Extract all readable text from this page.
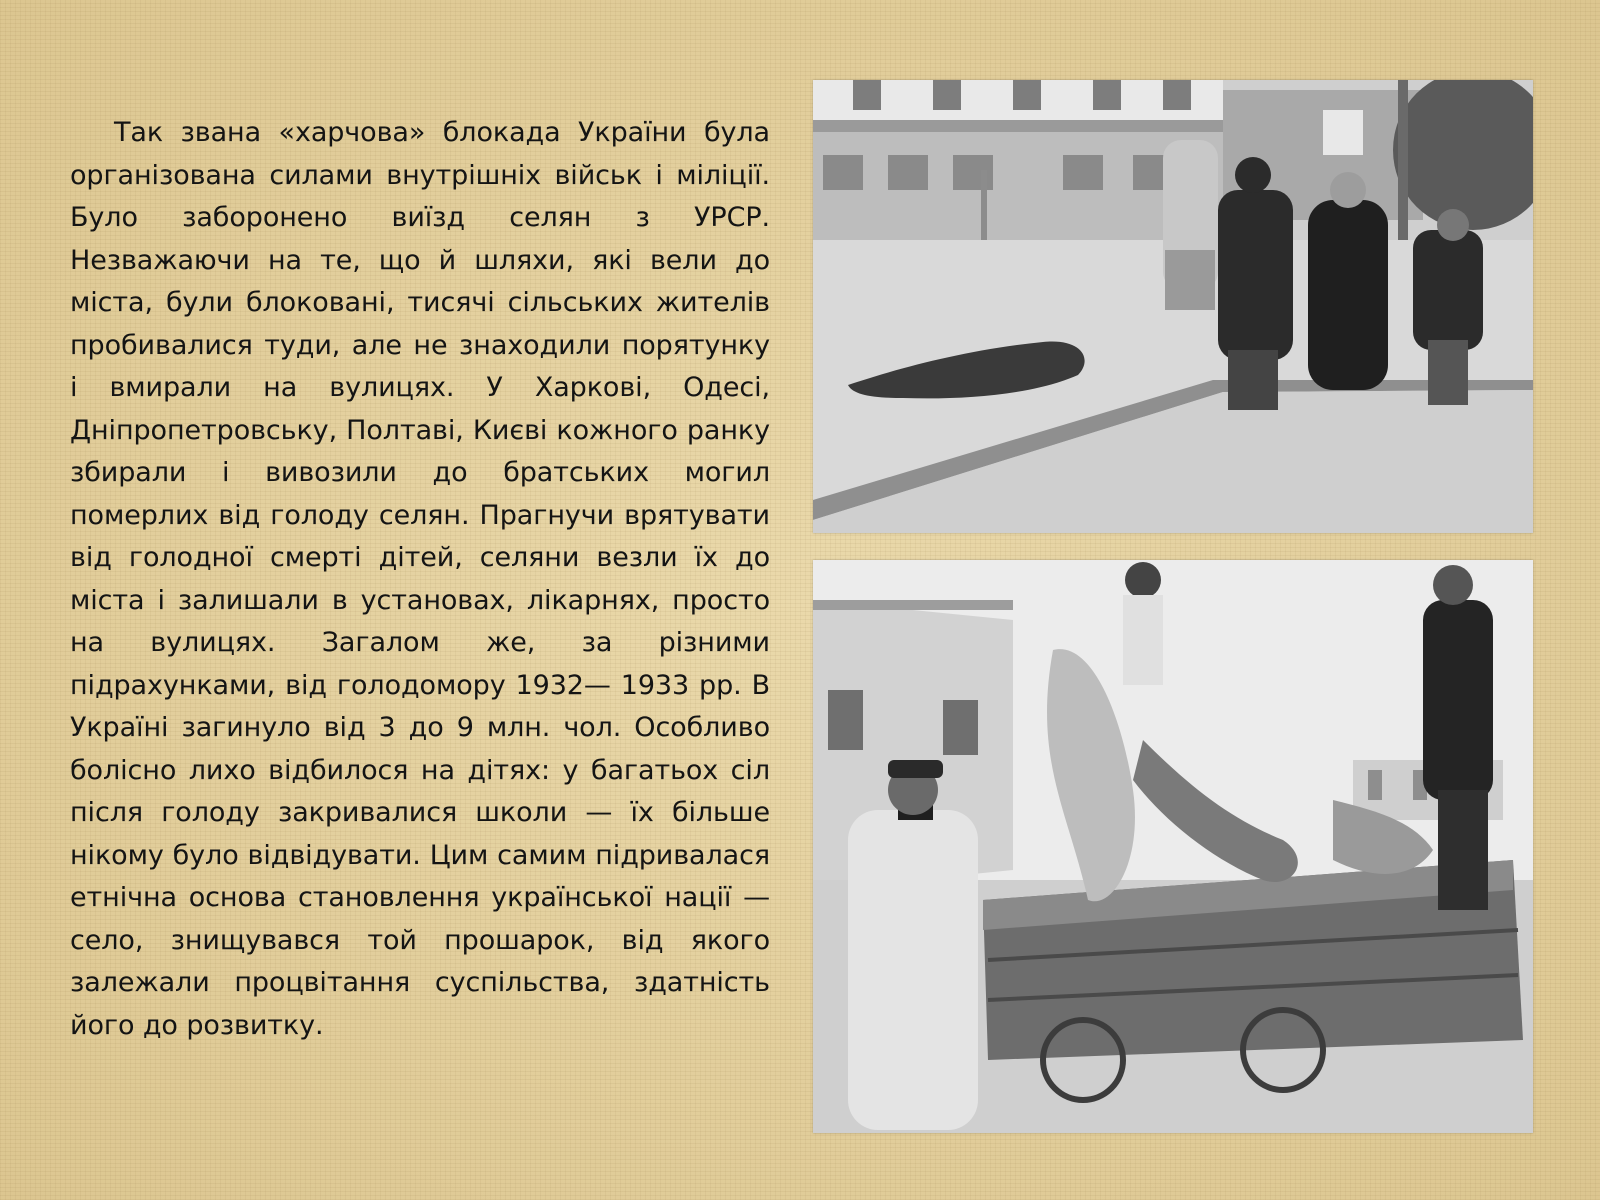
Так звана «харчова» блокада України була організована силами внутрішніх військ і міліції. Було заборонено виїзд селян з УРСР. Незважаючи на те, що й шляхи, які вели до міста, були блоковані, тисячі сільських жителів пробивалися туди, але не знаходили порятунку і вмирали на вулицях. У Харкові, Одесі, Дніпропетровську, Полтаві, Києві кожного ранку збирали і вивозили до братських могил померлих від голоду селян. Прагнучи врятувати від голодної смерті дітей, селяни везли їх до міста і залишали в установах, лікарнях, просто на вулицях. Загалом же, за різними підрахунками, від голодомору 1932— 1933 рр. В Україні загинуло від 3 до 9 млн. чол. Особливо болісно лихо відбилося на дітях: у багатьох сіл після голоду закривалися школи — їх більше нікому було відвідувати. Цим самим підривалася етнічна основа становлення української нації — село, знищувався той прошарок, від якого залежали процвітання суспільства, здатність його до розвитку.
